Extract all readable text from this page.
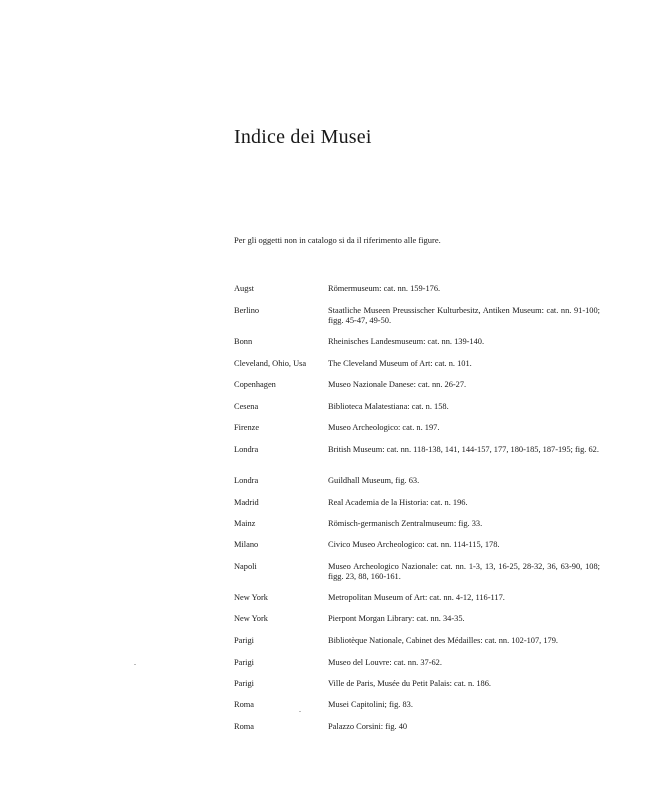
Indice dei Musei
Per gli oggetti non in catalogo si da il riferimento alle figure.
Augst	Römermuseum: cat. nn. 159-176.
Berlino	Staatliche Museen Preussischer Kulturbesitz, Antiken Museum: cat. nn. 91-100; figg. 45-47, 49-50.
Bonn	Rheinisches Landesmuseum: cat. nn. 139-140.
Cleveland, Ohio, Usa	The Cleveland Museum of Art: cat. n. 101.
Copenhagen	Museo Nazionale Danese: cat. nn. 26-27.
Cesena	Biblioteca Malatestiana: cat. n. 158.
Firenze	Museo Archeologico: cat. n. 197.
Londra	British Museum: cat. nn. 118-138, 141, 144-157, 177, 180-185, 187-195; fig. 62.
Londra	Guildhall Museum, fig. 63.
Madrid	Real Academia de la Historia: cat. n. 196.
Mainz	Römisch-germanisch Zentralmuseum: fig. 33.
Milano	Civico Museo Archeologico: cat. nn. 114-115, 178.
Napoli	Museo Archeologico Nazionale: cat. nn. 1-3, 13, 16-25, 28-32, 36, 63-90, 108; figg. 23, 88, 160-161.
New York	Metropolitan Museum of Art: cat. nn. 4-12, 116-117.
New York	Pierpont Morgan Library: cat. nn. 34-35.
Parigi	Bibliotèque Nationale, Cabinet des Médailles: cat. nn. 102-107, 179.
Parigi	Museo del Louvre: cat. nn. 37-62.
Parigi	Ville de Paris, Musée du Petit Palais: cat. n. 186.
Roma	Musei Capitolini; fig. 83.
Roma	Palazzo Corsini: fig. 40
